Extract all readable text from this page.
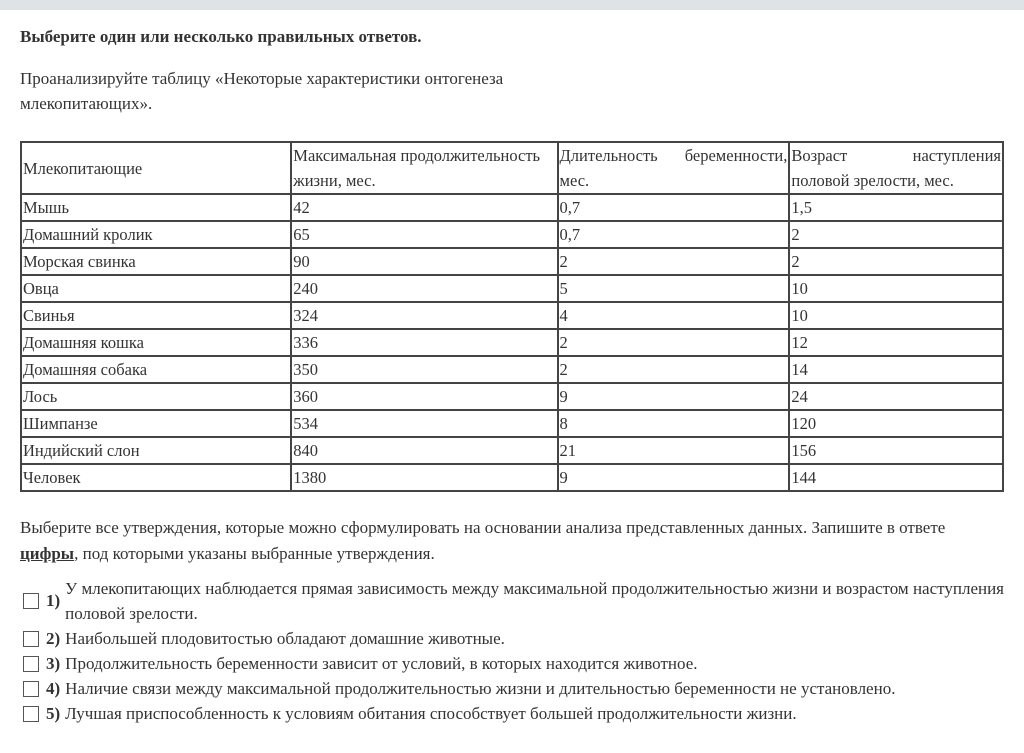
Выберите один или несколько правильных ответов.
Проанализируйте таблицу «Некоторые характеристики онтогенеза млекопитающих».
Млекопитающие	Максимальная продолжительность жизни, мес.	Длительность беременности, мес.	Возраст наступления половой зрелости, мес.
Мышь	42	0,7	1,5
Домашний кролик	65	0,7	2
Морская свинка	90	2	2
Овца	240	5	10
Свинья	324	4	10
Домашняя кошка	336	2	12
Домашняя собака	350	2	14
Лось	360	9	24
Шимпанзе	534	8	120
Индийский слон	840	21	156
Человек	1380	9	144
Выберите все утверждения, которые можно сформулировать на основании анализа представленных данных. Запишите в ответе
цифры, под которыми указаны выбранные утверждения.
1)
У млекопитающих наблюдается прямая зависимость между максимальной продолжительностью жизни и возрастом наступления половой зрелости.
2) Наибольшей плодовитостью обладают домашние животные.
3) Продолжительность беременности зависит от условий, в которых находится животное.
4) Наличие связи между максимальной продолжительностью жизни и длительностью беременности не установлено.
5) Лучшая приспособленность к условиям обитания способствует большей продолжительности жизни.
